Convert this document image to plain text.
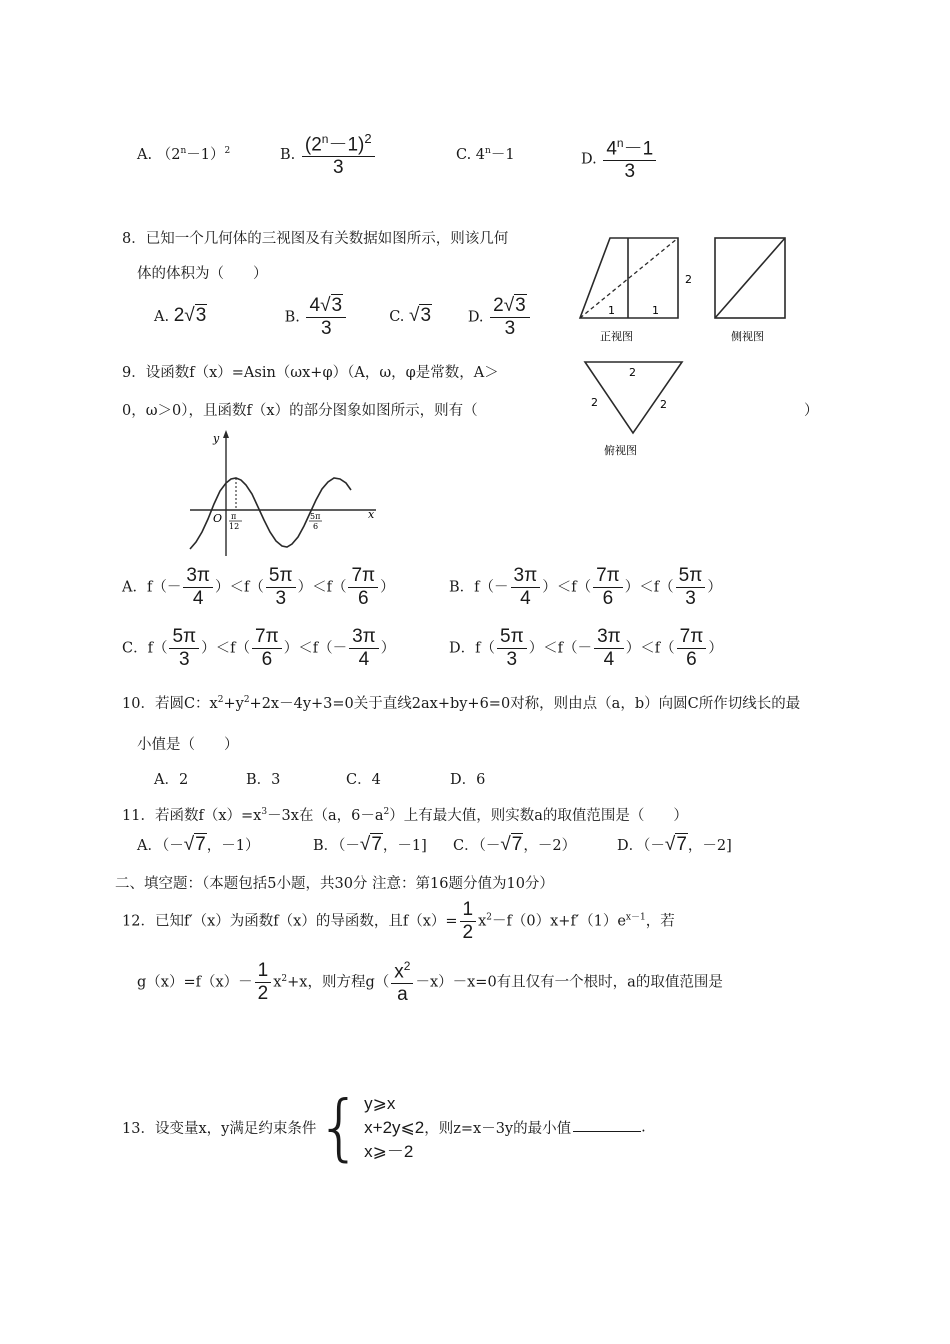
A. $(2^n-1)^2$	B. $\frac{(2^n-1)^2}{3}$	C. $4^n-1$	D. $\frac{4^n-1}{3}$
8．已知一个几何体的三视图及有关数据如图所示，则该几何
体的体积为（　　）
A. 2√3	B. $\frac{4√3}{3}$	C. √3	D. $\frac{2√3}{3}$	1	1
2
正视图	侧视图
2
2	2
俯视图
9．设函数f（x）=Asin（ωx+φ）（A，ω，φ是常数，A＞
0，ω＞0），且函数f（x）的部分图象如图所示，则有（	）
y
x
O π
12
5π
6
A．$f(- \frac{3\pi}{4} )<f( \frac{5\pi}{3} )<f( \frac{7\pi}{6}$ ）	B．$f(- \frac{3\pi}{4} )<f( \frac{7\pi}{6} )<f( \frac{5\pi}{3}$ ）
C．$f( \frac{5\pi}{3} )<f( \frac{7\pi}{6} )<f(- \frac{3\pi}{4}$ ）	D．$f( \frac{5\pi}{3} )<f(- \frac{3\pi}{4} )<f( \frac{7\pi}{6}$ ）
10．若圆C：$x^2+y^2+2x-4y+3=0$关于直线2ax+by+6=0对称，则由点（a，b）向圆C所作切线长的最
小值是（　　）
A．2	B．3	C．4	D．6
11．若函数$f(x)=x^3-3x$在（a，$6-a^2$）上有最大值，则实数a的取值范围是（　　）
A．（－√7，－1）	B．（－√7，－1] C．（－√7，－2）	D．（－√7，－2]
二、填空题：（本题包括5小题，共30分 注意：第16题分值为10分）
12．已知f′（x）为函数f（x）的导函数，且$f(x)= \frac{1}{2} x^2-f(0)x+f'(1)e^{x-1}$，若
$g(x)=f(x)- \frac{1}{2} x^2+x$，则方程$g( \frac{x^2}{a} -x)-x=0$有且仅有一个根时，a的取值范围是
13．设变量x，y满足约束条件 { y⩾x
x+2y⩽2
x⩾－2
，则z=x－3y的最小值	.
